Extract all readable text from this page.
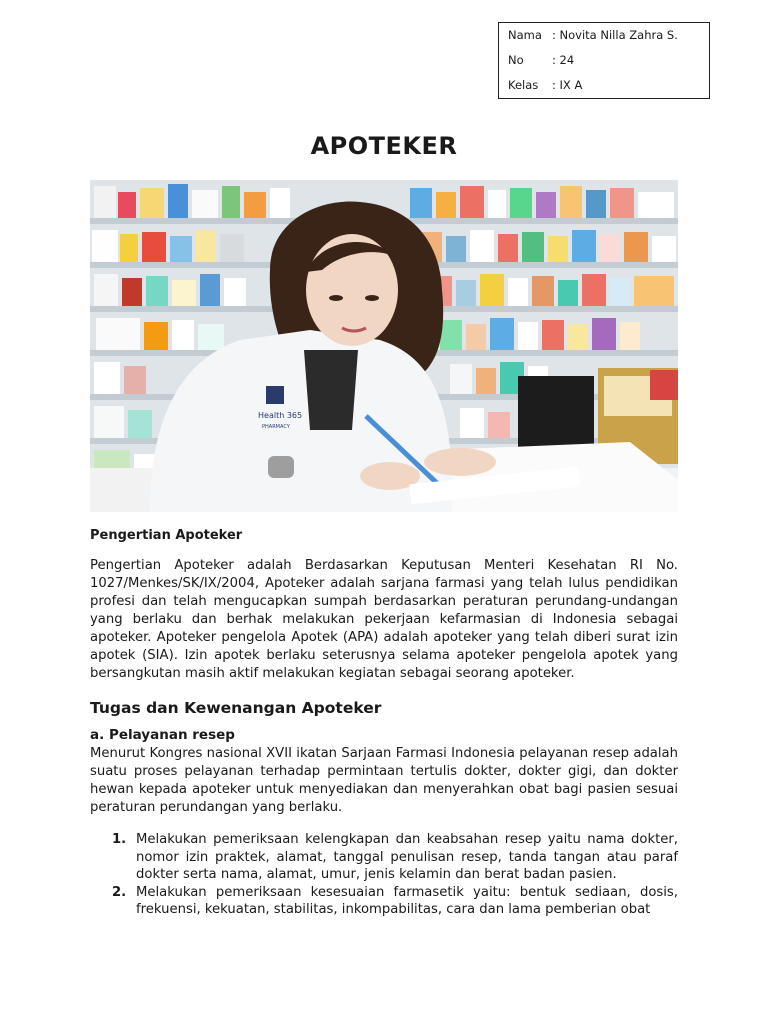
Nama : Novita Nilla Zahra S.
No	: 24
Kelas	: IX A
APOTEKER
Health 365
PHARMACY
Pengertian Apoteker

Pengertian Apoteker adalah Berdasarkan Keputusan Menteri Kesehatan RI No. 1027/Menkes/SK/IX/2004, Apoteker adalah sarjana farmasi yang telah lulus pendidikan profesi dan telah mengucapkan sumpah berdasarkan peraturan perundang-undangan yang berlaku dan berhak melakukan pekerjaan kefarmasian di Indonesia sebagai apoteker. Apoteker pengelola Apotek (APA) adalah apoteker yang telah diberi surat izin apotek (SIA). Izin apotek berlaku seterusnya selama apoteker pengelola apotek yang bersangkutan masih aktif melakukan kegiatan sebagai seorang apoteker.

Tugas dan Kewenangan Apoteker
a. Pelayanan resep

Menurut Kongres nasional XVII ikatan Sarjaan Farmasi Indonesia pelayanan resep adalah suatu proses pelayanan terhadap permintaan tertulis dokter, dokter gigi, dan dokter hewan kepada apoteker untuk menyediakan dan menyerahkan obat bagi pasien sesuai peraturan perundangan yang berlaku.

1. Melakukan pemeriksaan kelengkapan dan keabsahan resep yaitu nama dokter, nomor izin praktek, alamat, tanggal penulisan resep, tanda tangan atau paraf dokter serta nama, alamat, umur, jenis kelamin dan berat badan pasien.
2. Melakukan pemeriksaan kesesuaian farmasetik yaitu: bentuk sediaan, dosis, frekuensi, kekuatan, stabilitas, inkompabilitas, cara dan lama pemberian obat
